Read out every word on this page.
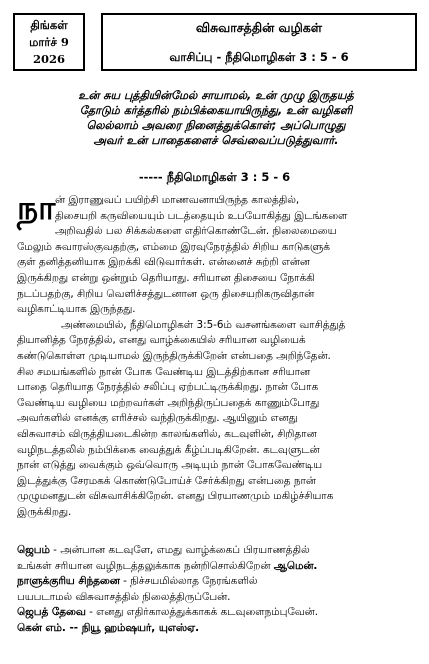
திங்கள்
மார்ச் 9
2026
விசுவாசத்தின் வழிகள்
வாசிப்பு - நீதிமொழிகள் 3 : 5 - 6
உன் சுய புத்தியின்மேல் சாயாமல், உன் முழு இருதயத்
தோடும் கர்த்தரில் நம்பிக்கையாயிருந்து, உன் வழிகளி
லெல்லாம் அவரை நினைத்துக்கொள்; அப்பொழுது
அவர் உன் பாதைகளைச் செவ்வைப்படுத்துவார்.
----- நீதிமொழிகள் 3 : 5 - 6
நா ன் இராணுவப் பயிற்சி மாணவனாயிருந்த காலத்தில்,
திசையறி கருவியையும் படத்தையும் உபயோகித்து இடங்களை
அறிவதில் பல சிக்கல்களை எதிர்கொண்டேன். நிலைமையை
மேலும் சுவாரஸ்குவதற்கு, எம்மை இரவுநேரத்தில் சிறிய காடுகளுக்
குள் தனித்தனியாக இறக்கி விடுவார்கள். என்னைச் சுற்றி என்ன
இருக்கிறது என்று ஒன்றும் தெரியாது. சரியான திசையை நோக்கி
நடப்பதற்கு, சிறிய வெளிச்சத்துடனான ஒரு திசையறிகருவிதான்
வழிகாட்டியாக இருந்தது.
அண்மையில், நீதிமொழிகள் 3:5-6ம் வசனங்களை வாசித்துத்
தியானித்த நேரத்தில், எனது வாழ்க்கையில் சரியான வழியைக்
கண்டுகொள்ள முடியாமல் இருந்திருக்கிறேன் என்பதை அறிந்தேன்.
சில சமயங்களில் நான் போக வேண்டிய இடத்திற்கான சரியான
பாதை தெரியாத நேரத்தில் சலிப்பு ஏற்பட்டிருக்கிறது. நான் போக
வேண்டிய வழியை மற்றவர்கள் அறிந்திருப்பதைக் காணும்போது
அவர்களில் எனக்கு எரிச்சல் வந்திருக்கிறது. ஆயினும் எனது
விசுவாசம் விருத்தியடைகின்ற காலங்களில், கடவுளின், சிறிதான
வழிநடத்தலில் நம்பிக்கை வைத்துக் கீழ்ப்படிகிறேன். கடவுளுடன்
நான் எடுத்து வைக்கும் ஒவ்வொரு அடியும் நான் போகவேண்டிய
இடத்துக்கு சேரமகக் கொண்டுபோய்ச் சேர்க்கிறது என்பதை நான்
முழுமனதுடன் விசுவாசிக்கிறேன். எனது பிரயாணமும் மகிழ்ச்சியாக
இருக்கிறது.
ஜெபம் - அன்பான கடவுளே, எமது வாழ்க்கைப் பிரயாணத்தில்
உங்கள் சரியான வழிநடத்தலுக்காக நன்றிசொல்கிறேன் ஆமென்.
நாளுக்குரிய சிந்தனை - நிச்சயமில்லாத நேரங்களில்
பயபடாமல் விசுவாசத்தில் நிலைத்திருப்பேன்.
ஜெபத் தேவை - எனது எதிர்காலத்துக்காகக் கடவுளைநம்புவேன்.
கென் எம். -- நியூ ஹம்ஷயர், யுஎஸ்ஏ.
